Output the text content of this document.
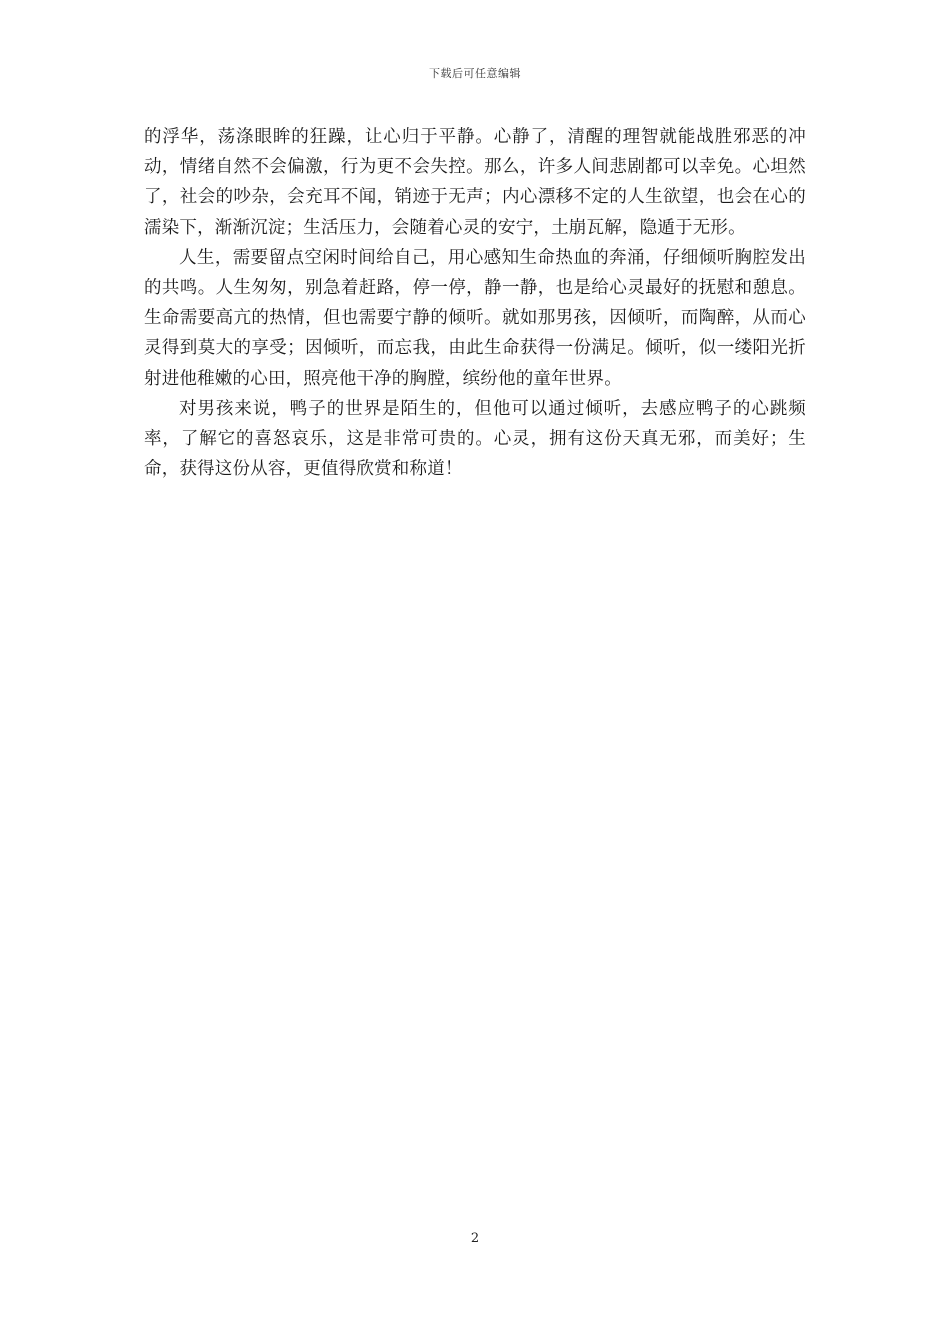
下载后可任意编辑

的浮华，荡涤眼眸的狂躁，让心归于平静。心静了，清醒的理智就能战胜邪恶的冲动，情绪自然不会偏激，行为更不会失控。那么，许多人间悲剧都可以幸免。心坦然了，社会的吵杂，会充耳不闻，销迹于无声；内心漂移不定的人生欲望，也会在心的濡染下，渐渐沉淀；生活压力，会随着心灵的安宁，土崩瓦解，隐遁于无形。

人生，需要留点空闲时间给自己，用心感知生命热血的奔涌，仔细倾听胸腔发出的共鸣。人生匆匆，别急着赶路，停一停，静一静，也是给心灵最好的抚慰和憩息。生命需要高亢的热情，但也需要宁静的倾听。就如那男孩，因倾听，而陶醉，从而心灵得到莫大的享受；因倾听，而忘我，由此生命获得一份满足。倾听，似一缕阳光折射进他稚嫩的心田，照亮他干净的胸膛，缤纷他的童年世界。

对男孩来说，鸭子的世界是陌生的，但他可以通过倾听，去感应鸭子的心跳频率，了解它的喜怒哀乐，这是非常可贵的。心灵，拥有这份天真无邪，而美好；生命，获得这份从容，更值得欣赏和称道！

2
